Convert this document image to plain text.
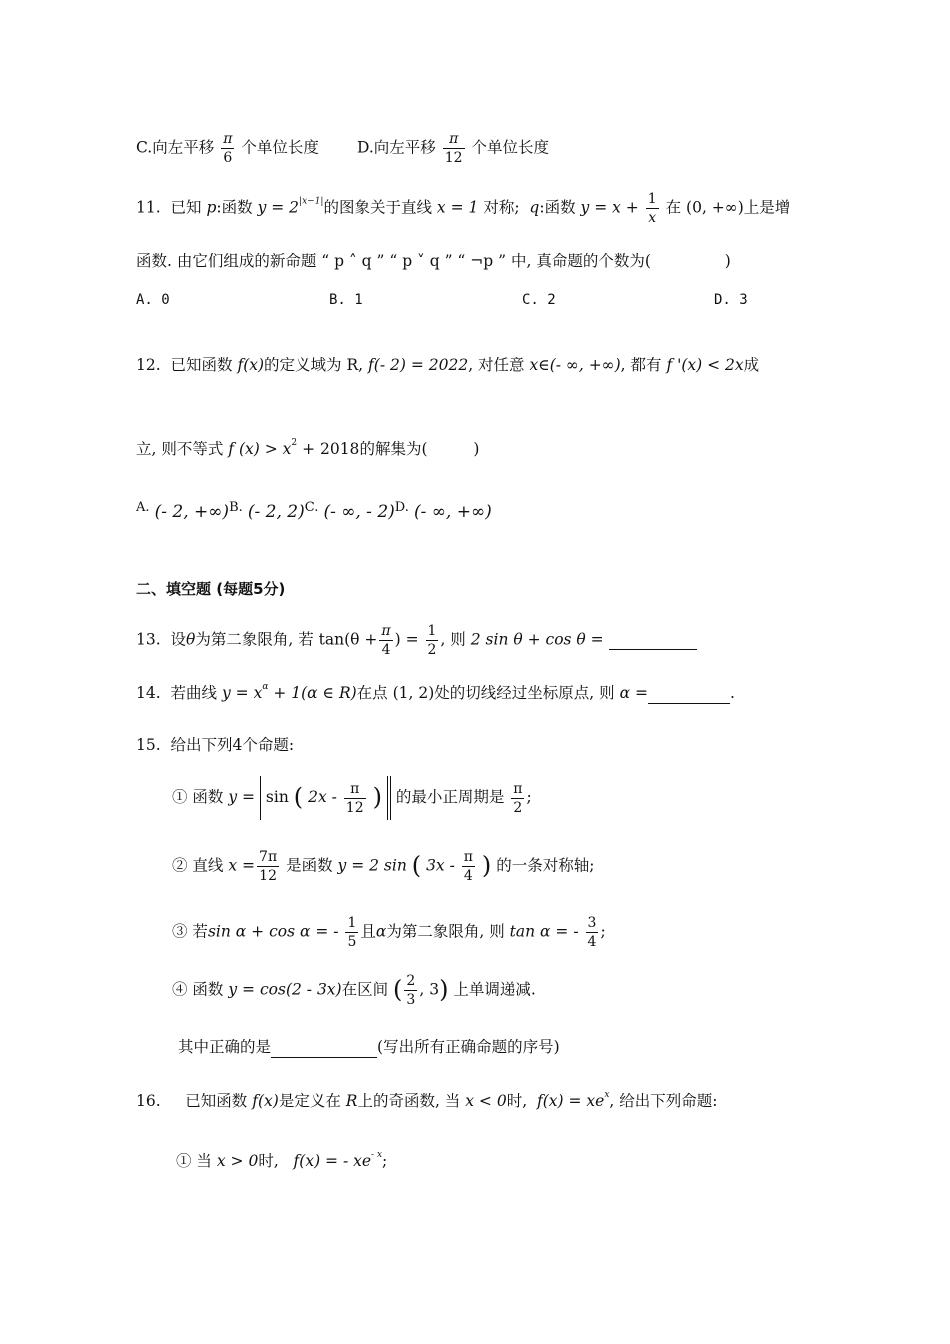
C.向左平移 $\frac{\pi}{6}$ 个单位长度 D.向左平移 $\frac{\pi}{12}$ 个单位长度
11. 已知 p:函数 $y = 2^{|x-1|}$的图象关于直线 x = 1 对称; q:函数 $y = x + \frac{1}{x}$ 在 (0, +∞)上是增
函数. 由它们组成的新命题 “ p ˄ q ” “ p ˅ q ” “ ¬p ” 中, 真命题的个数为(	)
A. 0	B. 1	C. 2	D. 3
12. 已知函数 f(x)的定义域为 R, f(- 2) = 2022, 对任意 x∈(- ∞, +∞), 都有 f '(x) < 2x成
立, 则不等式 f $(x) > x^2 + 2018$的解集为(	)
$^{A.}$ (- 2, +∞)$^{B.}$ (- 2, 2)$^{C.}$ (- ∞, - 2)$^{D.}$ (- ∞, +∞)
二、填空题 (每题5分)
13. 设θ为第二象限角, 若 $\tan(\theta + \frac{\pi}{4}$ ) = $\frac{1}{2}$ , 则 2 sin θ + cos θ =
14. 若曲线 $y = x^\alpha + 1(\alpha$ ∈ R)在点 (1, 2)处的切线经过坐标原点, 则 α =	.
15. 给出下列4个命题:
① 函数 y = sin ( $2x - \frac{\pi}{12}$ ) 的最小正周期是 $\frac{\pi}{2}$ ;
② 直线 $x = \frac{7\pi}{12}$ 是函数 y = 2 sin ( $3x - \frac{\pi}{4}$ ) 的一条对称轴;
③ 若sin α + cos α = - $\frac{1}{5}$ 且α为第二象限角, 则 tan α = - $\frac{3}{4}$ ;
④ 函数 y = cos(2 - 3x)在区间 ( $\frac{2}{3}$ , 3) 上单调递减.
其中正确的是	(写出所有正确命题的序号)
16. 已知函数 f(x)是定义在 R上的奇函数, 当 x < 0时, $f(x) = xe^x$, 给出下列命题:
① 当 x > 0时, f(x) = - $xe^{- x}$;
